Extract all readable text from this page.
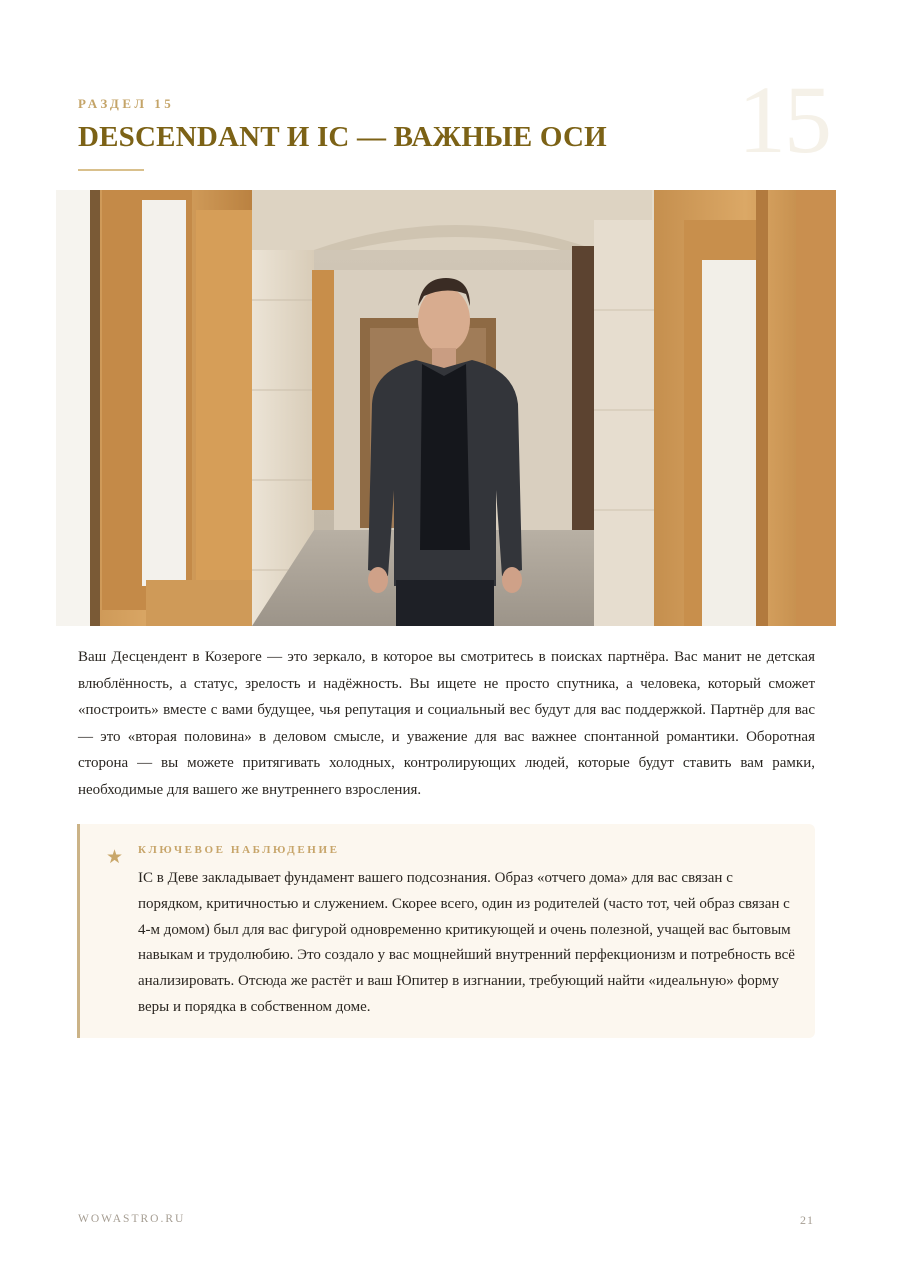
15
РАЗДЕЛ 15
DESCENDANT И IC — ВАЖНЫЕ ОСИ

Ваш Десцендент в Козероге — это зеркало, в которое вы смотритесь в поисках партнёра. Вас манит не детская влюблённость, а статус, зрелость и надёжность. Вы ищете не просто спутника, а человека, который сможет «построить» вместе с вами будущее, чья репутация и социальный вес будут для вас поддержкой. Партнёр для вас — это «вторая половина» в деловом смысле, и уважение для вас важнее спонтанной романтики. Оборотная сторона — вы можете притягивать холодных, контролирующих людей, которые будут ставить вам рамки, необходимые для вашего же внутреннего взросления.

★ КЛЮЧЕВОЕ НАБЛЮДЕНИЕ

IC в Деве закладывает фундамент вашего подсознания. Образ «отчего дома» для вас связан с порядком, критичностью и служением. Скорее всего, один из родителей (часто тот, чей образ связан с 4-м домом) был для вас фигурой одновременно критикующей и очень полезной, учащей вас бытовым навыкам и трудолюбию. Это создало у вас мощнейший внутренний перфекционизм и потребность всё анализировать. Отсюда же растёт и ваш Юпитер в изгнании, требующий найти «идеальную» форму веры и порядка в собственном доме.

WOWASTRO.RU	21
